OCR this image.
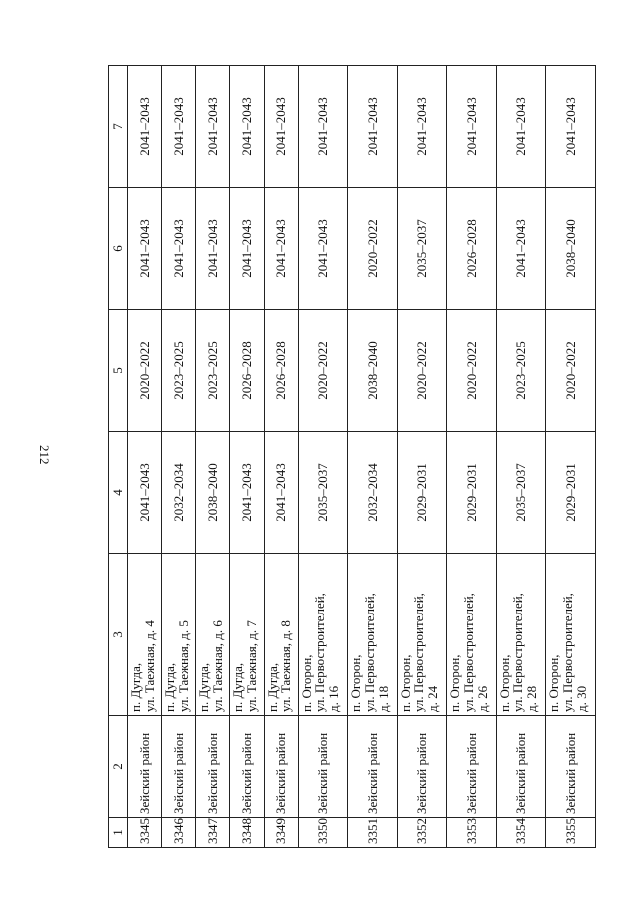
212
1	2	3	4	5	6	7
3345	Зейский район	п. Дугда,
ул. Таежная, д. 4	2041–2043	2020–2022	2041–2043	2041–2043
3346	Зейский район	п. Дугда,
ул. Таежная, д. 5	2032–2034	2023–2025	2041–2043	2041–2043
3347	Зейский район	п. Дугда,
ул. Таежная, д. 6	2038–2040	2023–2025	2041–2043	2041–2043
3348	Зейский район	п. Дугда,
ул. Таежная, д. 7	2041–2043	2026–2028	2041–2043	2041–2043
3349	Зейский район	п. Дугда,
ул. Таежная, д. 8	2041–2043	2026–2028	2041–2043	2041–2043
3350	Зейский район	п. Огорон,
ул. Первостроителей,
д. 16	2035–2037	2020–2022	2041–2043	2041–2043
3351	Зейский район	п. Огорон,
ул. Первостроителей,
д. 18	2032–2034	2038–2040	2020–2022	2041–2043
3352	Зейский район	п. Огорон,
ул. Первостроителей,
д. 24	2029–2031	2020–2022	2035–2037	2041–2043
3353	Зейский район	п. Огорон,
ул. Первостроителей,
д. 26	2029–2031	2020–2022	2026–2028	2041–2043
3354	Зейский район	п. Огорон,
ул. Первостроителей,
д. 28	2035–2037	2023–2025	2041–2043	2041–2043
3355	Зейский район	п. Огорон,
ул. Первостроителей,
д. 30	2029–2031	2020–2022	2038–2040	2041–2043
